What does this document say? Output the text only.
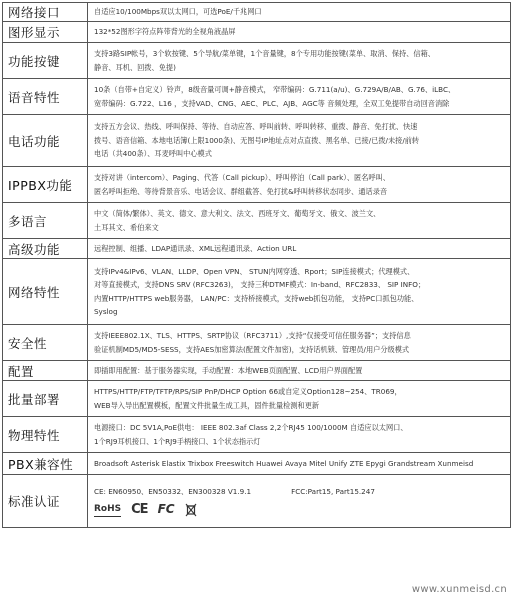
网络接口	自适应10/100Mbps双以太网口，可选PoE/千兆网口

图形显示	132*52图形字符点阵带背光的全视角液晶屏

功能按键	支持3路SIP帐号，3个软按键、5个导航/菜单键，1个音量键，8个专用功能按键(菜单、取消、保持、信箱、
静音、耳机、回拨、免提)

语音特性	10条（自带+自定义）铃声，8级音量可调+静音模式， 窄带编码：G.711(a/u)、G.729A/B/AB、G.76、iLBC、
宽带编码：G.722、L16 ，支持VAD、CNG、AEC、PLC、AJB、AGC等 音频处理，全双工免提带自动回音消除

电话功能	支持五方会议、热线、呼叫保持、等待、自动应答、呼叫前转、呼叫转移、重拨、静音、免打扰、快速
拨号、语音信箱、本地电话簿(上限1000条)、无图号IP地址点对点直拨、黑名单、已接/已拨/未接/前转
电话（共400条）、耳麦呼叫中心模式

IPPBX功能	支持对讲（intercom）、Paging、代答（Call pickup）、呼叫停泊（Call park）、匿名呼叫、
匿名呼叫拒绝、等待背景音乐、电话会议、群组截答、免打扰&呼叫转移状态同步、通话录音

多语言	中文（简体/繁体）、英文、德文、意大利文、法文、西班牙文、葡萄牙文、俄文、波兰文、
土耳其文、希伯来文

高级功能	远程控制、组播、LDAP通讯录、XML远程通讯录、Action URL

网络特性	支持IPv4&IPv6、VLAN、LLDP、Open VPN、 STUN内网穿透、Rport；SIP连接模式；代理模式、
对等直接模式，支持DNS SRV (RFC3263)， 支持三种DTMF模式：In-band、RFC2833、 SIP INFO；
内置HTTP/HTTPS web服务器， LAN/PC：支持桥接模式，支持web抓包功能， 支持PC口抓包功能、
Syslog

安全性	支持IEEE802.1X、TLS、HTTPS、SRTP协议（RFC3711）,支持“仅接受可信任服务器”；支持信息
验证机制MD5/MD5-SESS，支持AES加密算法(配置文件加密)，支持话机锁、管理员/用户分级模式

配置	即插即用配置：基于服务器实现，手动配置：本地WEB页面配置、LCD用户界面配置

批量部署	HTTPS/HTTP/FTP/TFTP/RPS/SIP PnP/DHCP Option 66或自定义Option128~254、TR069，
WEB导入导出配置模板，配置文件批量生成工具，固件批量检测和更新

物理特性	电源接口：DC 5V1A,PoE供电： IEEE 802.3af Class 2,2个RJ45 100/1000M 自适应以太网口、
1个RJ9耳机接口、1个RJ9手柄接口、1个状态指示灯

PBX兼容性	Broadsoft Asterisk Elastix Trixbox Freeswitch Huawei Avaya Mitel Unify ZTE Epygi Grandstream Xunmeisd

标准认证	CE: EN60950、EN50332、EN300328 V1.9.1 FCC:Part15, Part15.247
RoHS CE FC
www.xunmeisd.cn
